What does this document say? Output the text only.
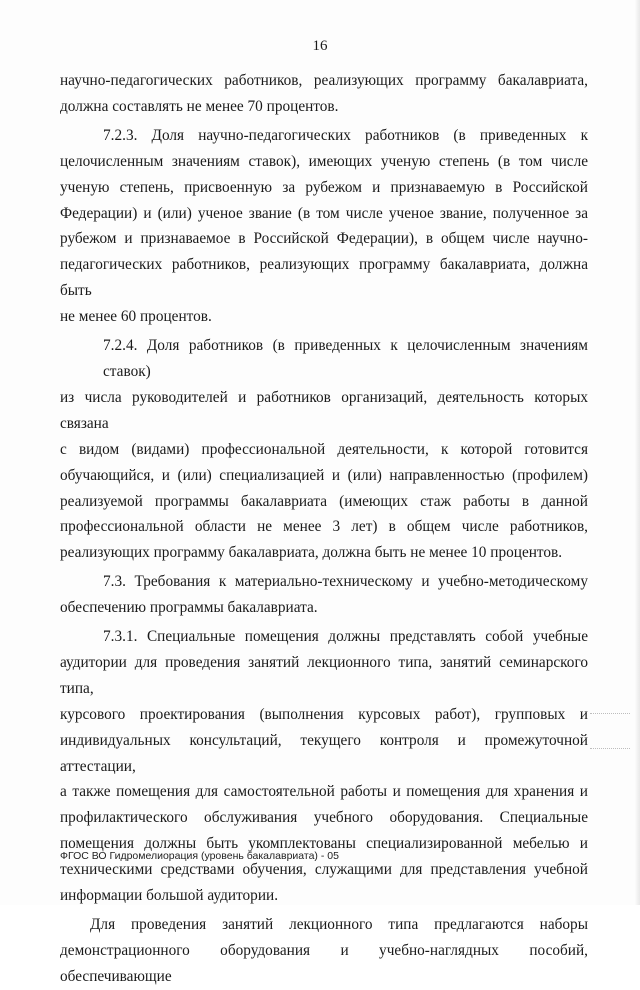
16
научно-педагогических работников, реализующих программу бакалавриата,
должна составлять не менее 70 процентов.
7.2.3. Доля научно-педагогических работников (в приведенных к
целочисленным значениям ставок), имеющих ученую степень (в том числе
ученую степень, присвоенную за рубежом и признаваемую в Российской
Федерации) и (или) ученое звание (в том числе ученое звание, полученное за
рубежом и признаваемое в Российской Федерации), в общем числе научно-
педагогических работников, реализующих программу бакалавриата, должна быть
не менее 60 процентов.
7.2.4. Доля работников (в приведенных к целочисленным значениям ставок)
из числа руководителей и работников организаций, деятельность которых связана
с видом (видами) профессиональной деятельности, к которой готовится
обучающийся, и (или) специализацией и (или) направленностью (профилем)
реализуемой программы бакалавриата (имеющих стаж работы в данной
профессиональной области не менее 3 лет) в общем числе работников,
реализующих программу бакалавриата, должна быть не менее 10 процентов.
7.3. Требования к материально-техническому и учебно-методическому
обеспечению программы бакалавриата.
7.3.1. Специальные помещения должны представлять собой учебные
аудитории для проведения занятий лекционного типа, занятий семинарского типа,
курсового проектирования (выполнения курсовых работ), групповых и
индивидуальных консультаций, текущего контроля и промежуточной аттестации,
а также помещения для самостоятельной работы и помещения для хранения и
профилактического обслуживания учебного оборудования. Специальные
помещения должны быть укомплектованы специализированной мебелью и
техническими средствами обучения, служащими для представления учебной
информации большой аудитории.
Для проведения занятий лекционного типа предлагаются наборы
демонстрационного оборудования и учебно-наглядных пособий, обеспечивающие
ФГОС ВО Гидромелиорация (уровень бакалавриата) - 05
